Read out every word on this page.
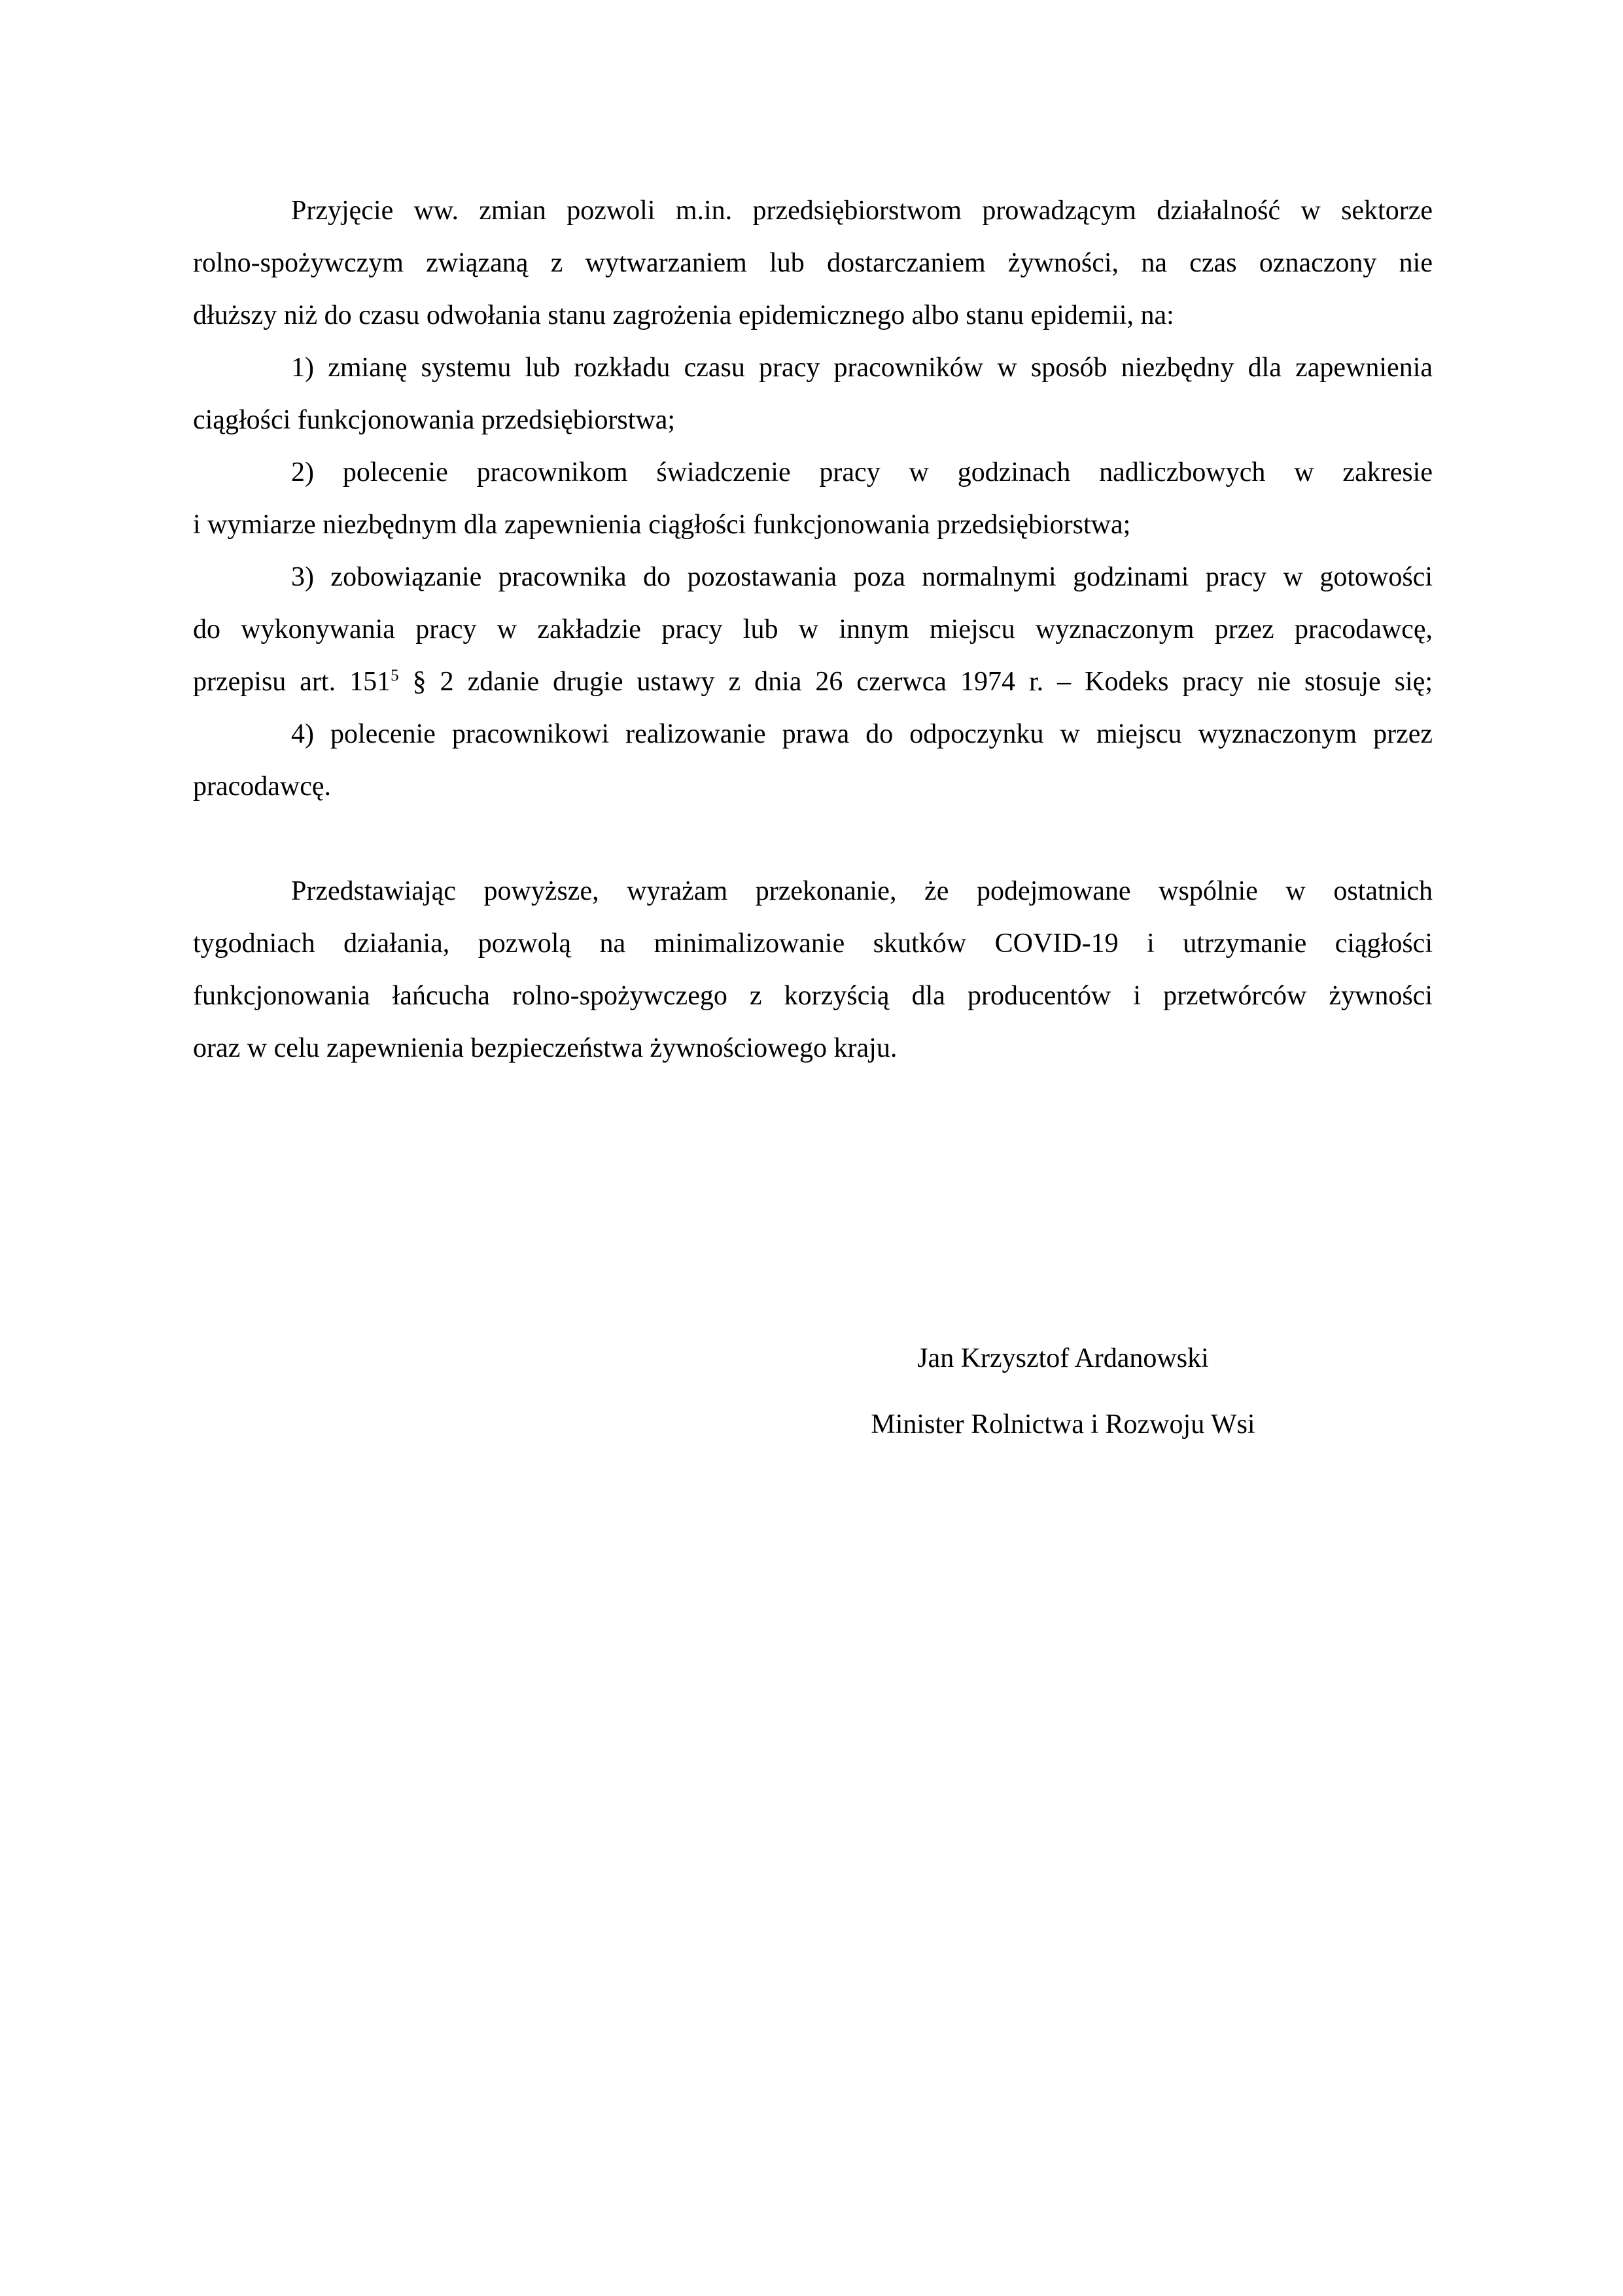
Przyjęcie ww. zmian pozwoli m.in. przedsiębiorstwom prowadzącym działalność w sektorze
rolno-spożywczym związaną z wytwarzaniem lub dostarczaniem żywności, na czas oznaczony nie
dłuższy niż do czasu odwołania stanu zagrożenia epidemicznego albo stanu epidemii, na:
1) zmianę systemu lub rozkładu czasu pracy pracowników w sposób niezbędny dla zapewnienia
ciągłości funkcjonowania przedsiębiorstwa;
2) polecenie pracownikom świadczenie pracy w godzinach nadliczbowych w zakresie
i wymiarze niezbędnym dla zapewnienia ciągłości funkcjonowania przedsiębiorstwa;
3) zobowiązanie pracownika do pozostawania poza normalnymi godzinami pracy w gotowości
do wykonywania pracy w zakładzie pracy lub w innym miejscu wyznaczonym przez pracodawcę,
przepisu art. $151^5$ § 2 zdanie drugie ustawy z dnia 26 czerwca 1974 r. – Kodeks pracy nie stosuje się;
4) polecenie pracownikowi realizowanie prawa do odpoczynku w miejscu wyznaczonym przez
pracodawcę.
Przedstawiając powyższe, wyrażam przekonanie, że podejmowane wspólnie w ostatnich
tygodniach działania, pozwolą na minimalizowanie skutków COVID-19 i utrzymanie ciągłości
funkcjonowania łańcucha rolno-spożywczego z korzyścią dla producentów i przetwórców żywności
oraz w celu zapewnienia bezpieczeństwa żywnościowego kraju.
Jan Krzysztof Ardanowski
Minister Rolnictwa i Rozwoju Wsi
